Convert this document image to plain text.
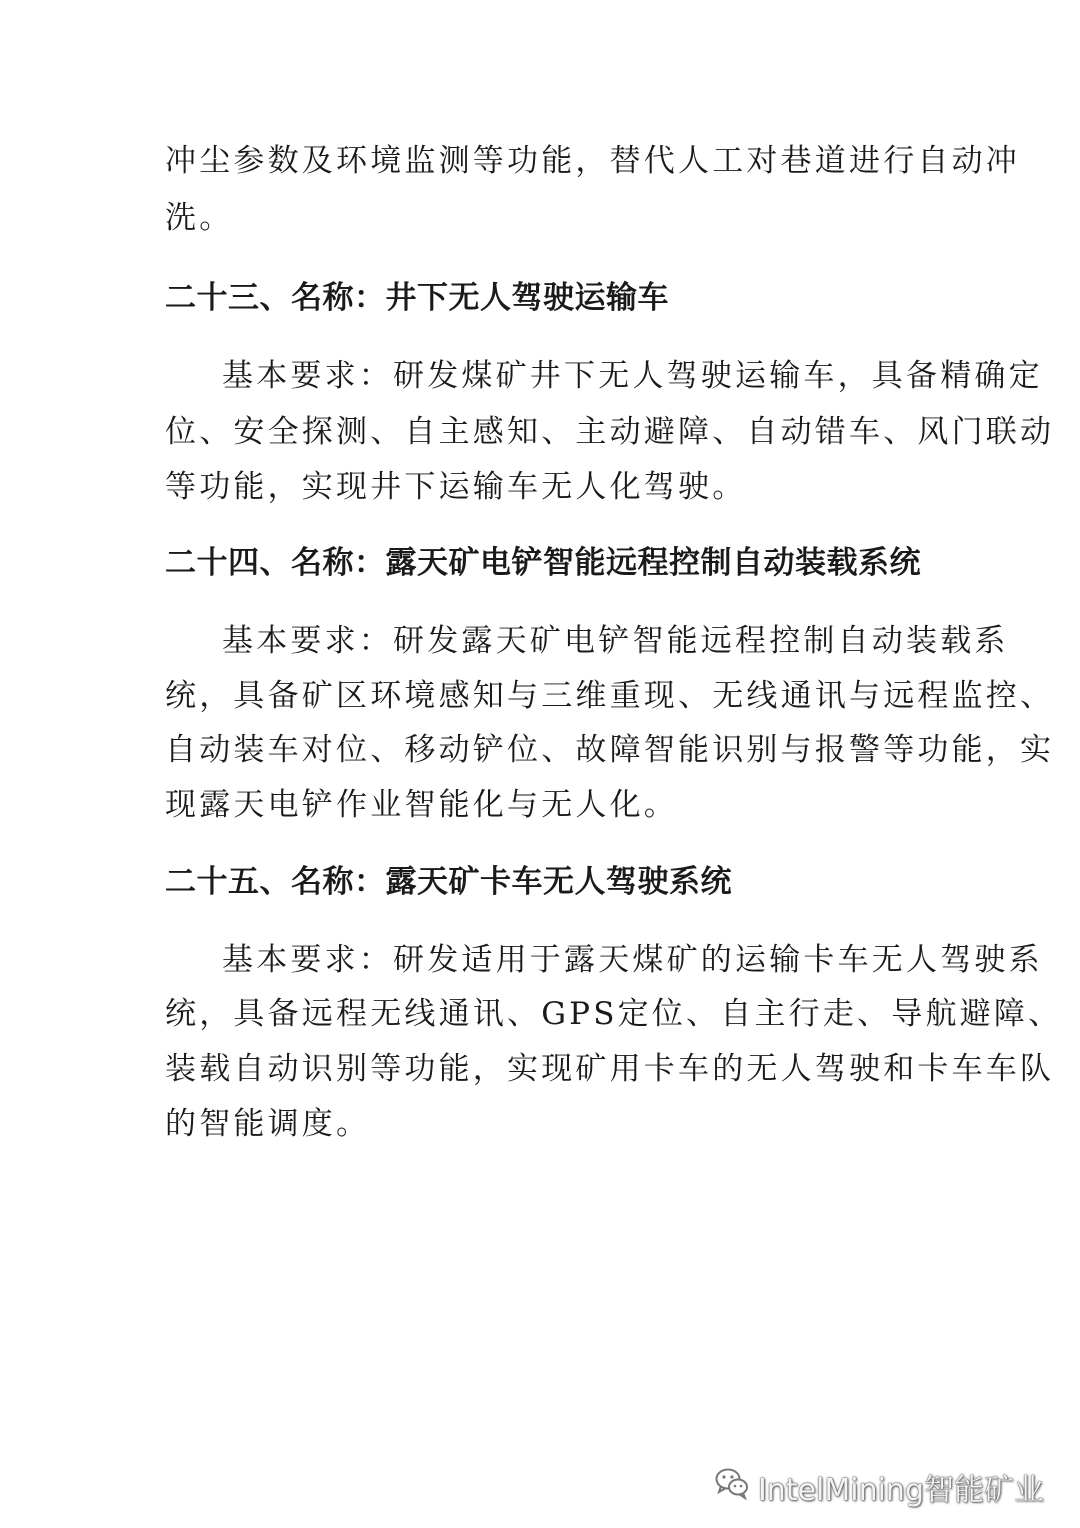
冲尘参数及环境监测等功能，替代人工对巷道进行自动冲
洗。
二十三、名称：井下无人驾驶运输车
基本要求：研发煤矿井下无人驾驶运输车，具备精确定
位、安全探测、自主感知、主动避障、自动错车、风门联动
等功能，实现井下运输车无人化驾驶。
二十四、名称：露天矿电铲智能远程控制自动装载系统
基本要求：研发露天矿电铲智能远程控制自动装载系
统，具备矿区环境感知与三维重现、无线通讯与远程监控、
自动装车对位、移动铲位、故障智能识别与报警等功能，实
现露天电铲作业智能化与无人化。
二十五、名称：露天矿卡车无人驾驶系统
基本要求：研发适用于露天煤矿的运输卡车无人驾驶系
统，具备远程无线通讯、GPS定位、自主行走、导航避障、
装载自动识别等功能，实现矿用卡车的无人驾驶和卡车车队
的智能调度。
IntelMining智能矿业
